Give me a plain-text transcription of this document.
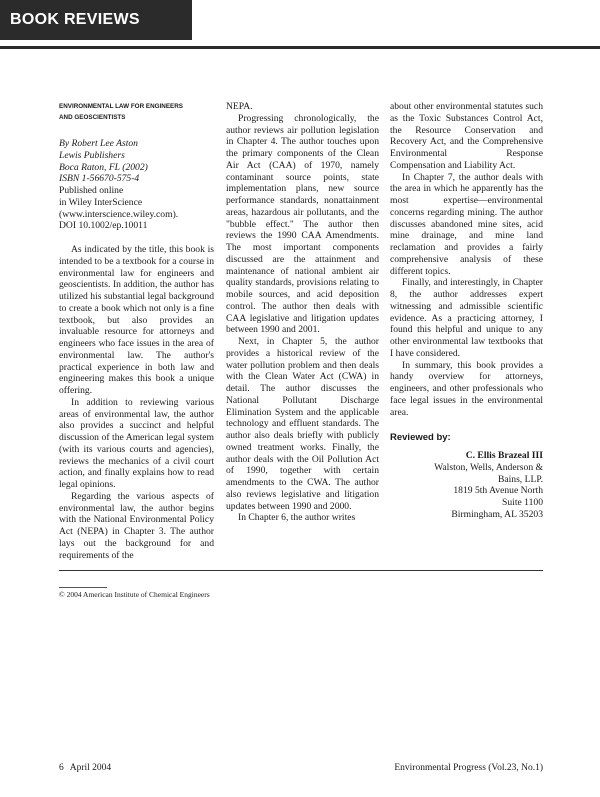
BOOK REVIEWS
ENVIRONMENTAL LAW FOR ENGINEERS
AND GEOSCIENTISTS
By Robert Lee Aston
Lewis Publishers
Boca Raton, FL (2002)
ISBN 1-56670-575-4
Published online
in Wiley InterScience
(www.interscience.wiley.com).
DOI 10.1002/ep.10011

As indicated by the title, this book is intended to be a textbook for a course in environmental law for engineers and geoscientists. In addition, the author has utilized his substantial legal background to create a book which not only is a fine textbook, but also provides an invaluable resource for attorneys and engineers who face issues in the area of environmental law. The author's practical experience in both law and engineering makes this book a unique offering.

In addition to reviewing various areas of environmental law, the author also provides a succinct and helpful discussion of the American legal system (with its various courts and agencies), reviews the mechanics of a civil court action, and finally explains how to read legal opinions.

Regarding the various aspects of environmental law, the author begins with the National Environmental Policy Act (NEPA) in Chapter 3. The author lays out the background for and requirements of the

NEPA.

Progressing chronologically, the author reviews air pollution legislation in Chapter 4. The author touches upon the primary components of the Clean Air Act (CAA) of 1970, namely contaminant source points, state implementation plans, new source performance standards, nonattainment areas, hazardous air pollutants, and the "bubble effect." The author then reviews the 1990 CAA Amendments. The most important components discussed are the attainment and maintenance of national ambient air quality standards, provisions relating to mobile sources, and acid deposition control. The author then deals with CAA legislative and litigation updates between 1990 and 2001.

Next, in Chapter 5, the author provides a historical review of the water pollution problem and then deals with the Clean Water Act (CWA) in detail. The author discusses the National Pollutant Discharge Elimination System and the applicable technology and effluent standards. The author also deals briefly with publicly owned treatment works. Finally, the author deals with the Oil Pollution Act of 1990, together with certain amendments to the CWA. The author also reviews legislative and litigation updates between 1990 and 2000.

In Chapter 6, the author writes

about other environmental statutes such as the Toxic Substances Control Act, the Resource Conservation and Recovery Act, and the Comprehensive Environmental Response Compensation and Liability Act.

In Chapter 7, the author deals with the area in which he apparently has the most expertise—environmental concerns regarding mining. The author discusses abandoned mine sites, acid mine drainage, and mine land reclamation and provides a fairly comprehensive analysis of these different topics.

Finally, and interestingly, in Chapter 8, the author addresses expert witnessing and admissible scientific evidence. As a practicing attorney, I found this helpful and unique to any other environmental law textbooks that I have considered.

In summary, this book provides a handy overview for attorneys, engineers, and other professionals who face legal issues in the environmental area.

Reviewed by:
C. Ellis Brazeal III
Walston, Wells, Anderson &
Bains, LLP.
1819 5th Avenue North
Suite 1100
Birmingham, AL 35203
© 2004 American Institute of Chemical Engineers
6 April 2004	Environmental Progress (Vol.23, No.1)
